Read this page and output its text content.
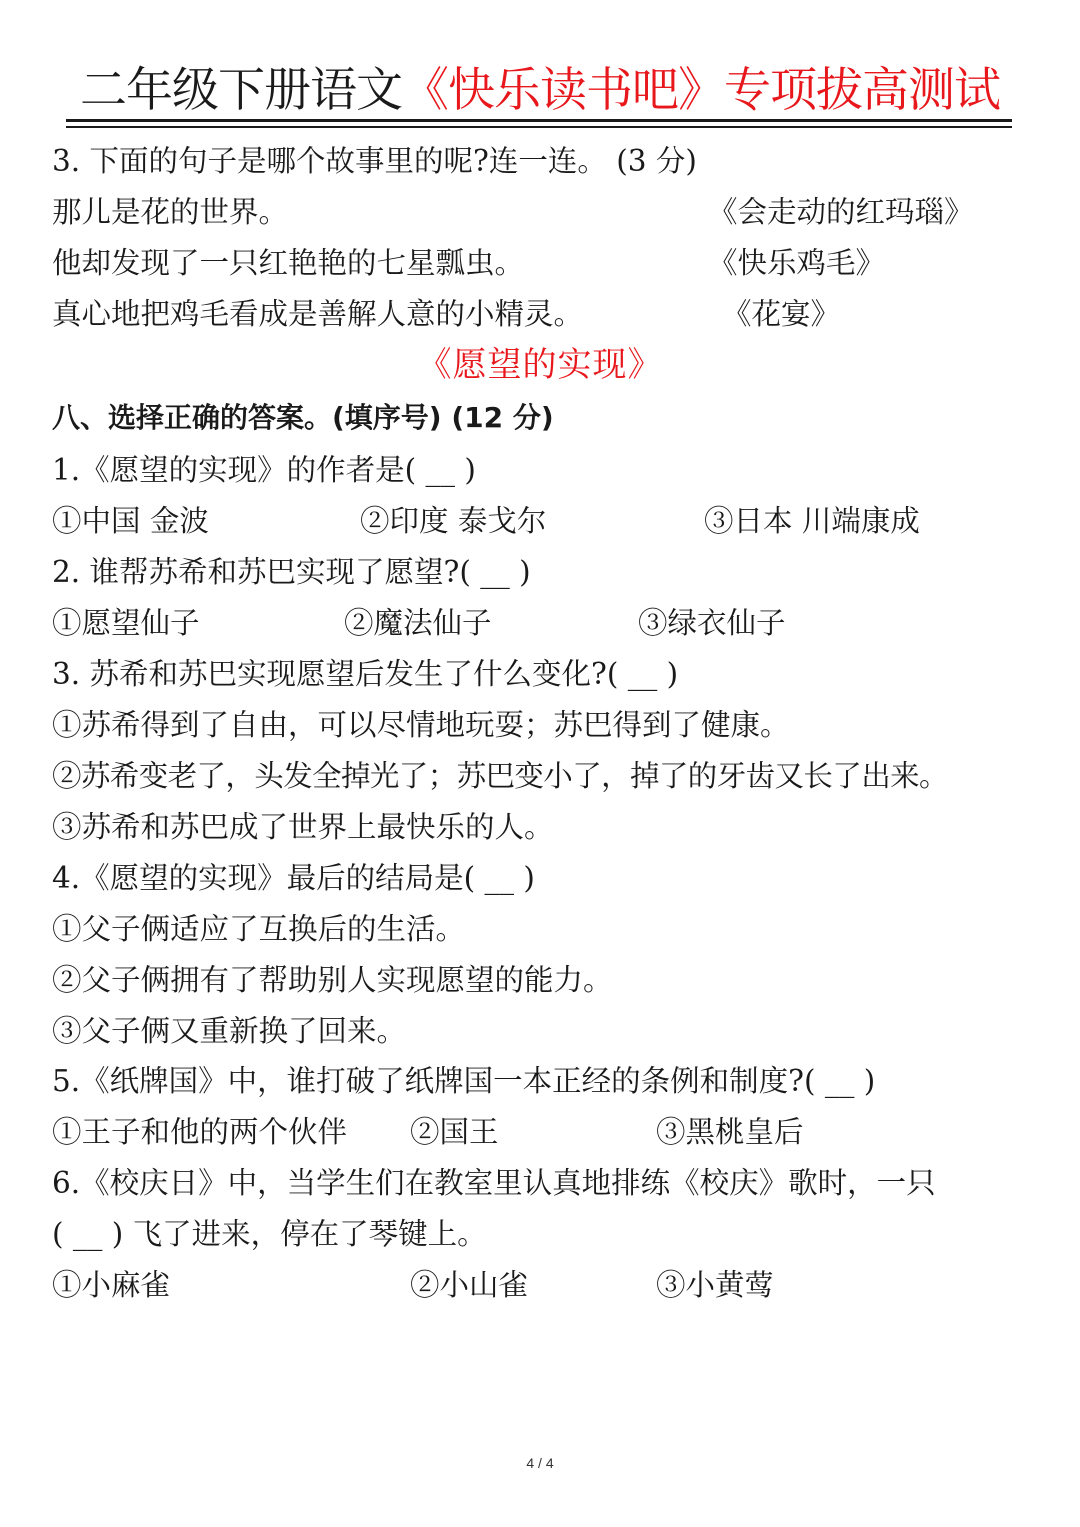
二年级下册语文《快乐读书吧》专项拔高测试
3. 下面的句子是哪个故事里的呢?连一连。 (3 分)
那儿是花的世界。	《会走动的红玛瑙》
他却发现了一只红艳艳的七星瓢虫。	《快乐鸡毛》
真心地把鸡毛看成是善解人意的小精灵。	《花宴》
《愿望的实现》
八、选择正确的答案。(填序号) (12 分)
1.《愿望的实现》的作者是( __ )
①中国 金波	②印度 泰戈尔	③日本 川端康成
2. 谁帮苏希和苏巴实现了愿望?( __ )
①愿望仙子	②魔法仙子	③绿衣仙子
3. 苏希和苏巴实现愿望后发生了什么变化?( __ )
①苏希得到了自由，可以尽情地玩耍；苏巴得到了健康。
②苏希变老了，头发全掉光了；苏巴变小了，掉了的牙齿又长了出来。
③苏希和苏巴成了世界上最快乐的人。
4.《愿望的实现》最后的结局是( __ )
①父子俩适应了互换后的生活。
②父子俩拥有了帮助别人实现愿望的能力。
③父子俩又重新换了回来。
5.《纸牌国》中，谁打破了纸牌国一本正经的条例和制度?( __ )
①王子和他的两个伙伴 ②国王	③黑桃皇后
6.《校庆日》中，当学生们在教室里认真地排练《校庆》歌时，一只
( __ ) 飞了进来，停在了琴键上。
①小麻雀	②小山雀	③小黄莺
4 / 4
